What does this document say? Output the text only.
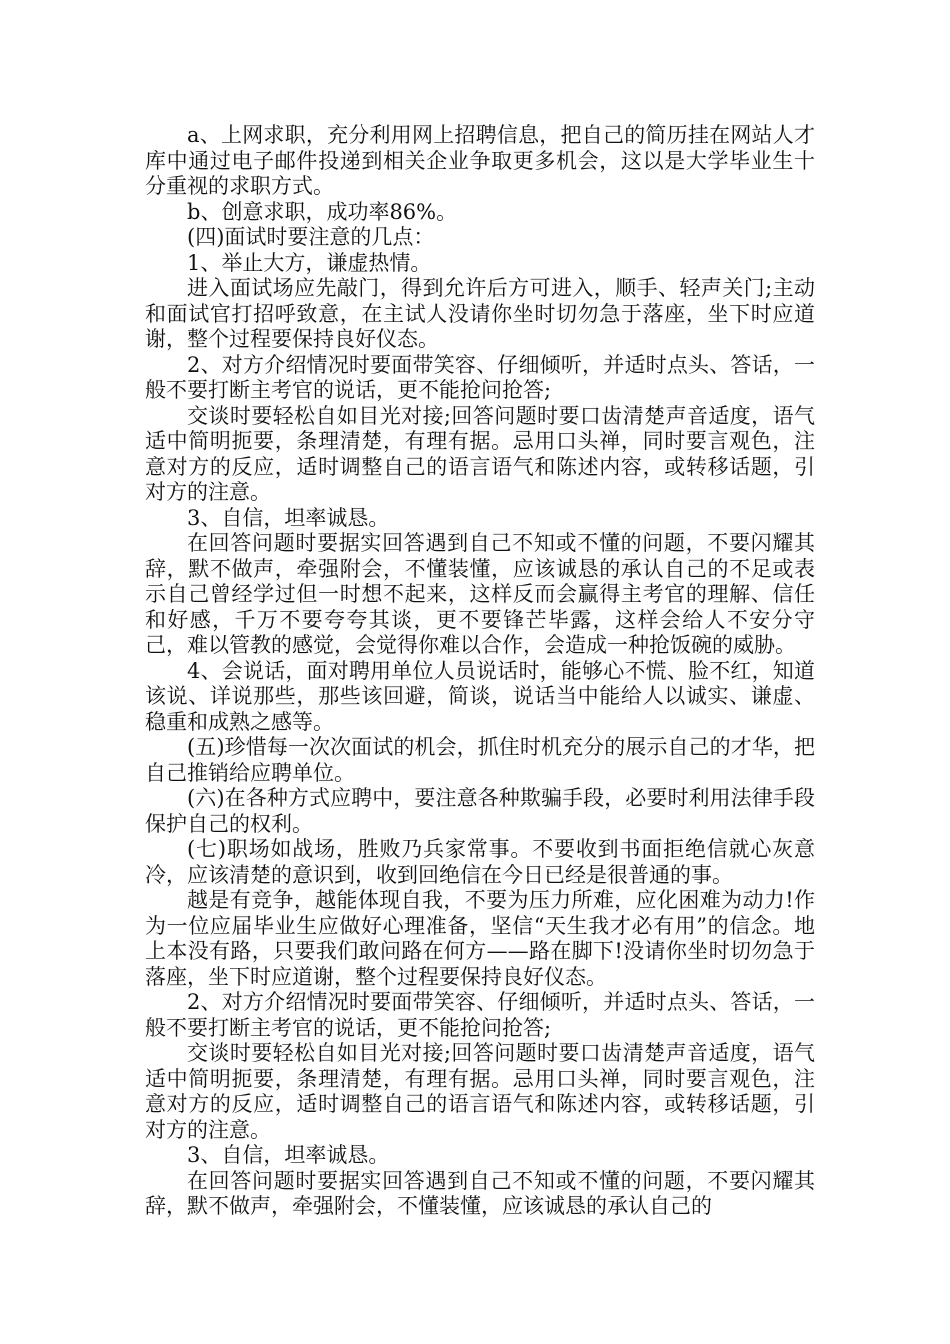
a、上网求职，充分利用网上招聘信息，把自己的简历挂在网站人才库中通过电子邮件投递到相关企业争取更多机会，这以是大学毕业生十分重视的求职方式。

b、创意求职，成功率86%。

(四)面试时要注意的几点：

1、举止大方，谦虚热情。

进入面试场应先敲门，得到允许后方可进入，顺手、轻声关门;主动和面试官打招呼致意，在主试人没请你坐时切勿急于落座，坐下时应道谢，整个过程要保持良好仪态。

2、对方介绍情况时要面带笑容、仔细倾听，并适时点头、答话，一般不要打断主考官的说话，更不能抢问抢答;

交谈时要轻松自如目光对接;回答问题时要口齿清楚声音适度，语气适中简明扼要，条理清楚，有理有据。忌用口头禅，同时要言观色，注意对方的反应，适时调整自己的语言语气和陈述内容，或转移话题，引对方的注意。

3、自信，坦率诚恳。

在回答问题时要据实回答遇到自己不知或不懂的问题，不要闪耀其辞，默不做声，牵强附会，不懂装懂，应该诚恳的承认自己的不足或表示自己曾经学过但一时想不起来，这样反而会赢得主考官的理解、信任和好感，千万不要夸夸其谈，更不要锋芒毕露，这样会给人不安分守己，难以管教的感觉，会觉得你难以合作，会造成一种抢饭碗的威胁。

4、会说话，面对聘用单位人员说话时，能够心不慌、脸不红，知道该说、详说那些，那些该回避，简谈，说话当中能给人以诚实、谦虚、稳重和成熟之感等。

(五)珍惜每一次次面试的机会，抓住时机充分的展示自己的才华，把自己推销给应聘单位。

(六)在各种方式应聘中，要注意各种欺骗手段，必要时利用法律手段保护自己的权利。

(七)职场如战场，胜败乃兵家常事。不要收到书面拒绝信就心灰意冷，应该清楚的意识到，收到回绝信在今日已经是很普通的事。

越是有竞争，越能体现自我，不要为压力所难，应化困难为动力!作为一位应届毕业生应做好心理准备，坚信“天生我才必有用”的信念。地上本没有路，只要我们敢问路在何方——路在脚下!没请你坐时切勿急于落座，坐下时应道谢，整个过程要保持良好仪态。

2、对方介绍情况时要面带笑容、仔细倾听，并适时点头、答话，一般不要打断主考官的说话，更不能抢问抢答;

交谈时要轻松自如目光对接;回答问题时要口齿清楚声音适度，语气适中简明扼要，条理清楚，有理有据。忌用口头禅，同时要言观色，注意对方的反应，适时调整自己的语言语气和陈述内容，或转移话题，引对方的注意。

3、自信，坦率诚恳。

在回答问题时要据实回答遇到自己不知或不懂的问题，不要闪耀其辞，默不做声，牵强附会，不懂装懂，应该诚恳的承认自己的
